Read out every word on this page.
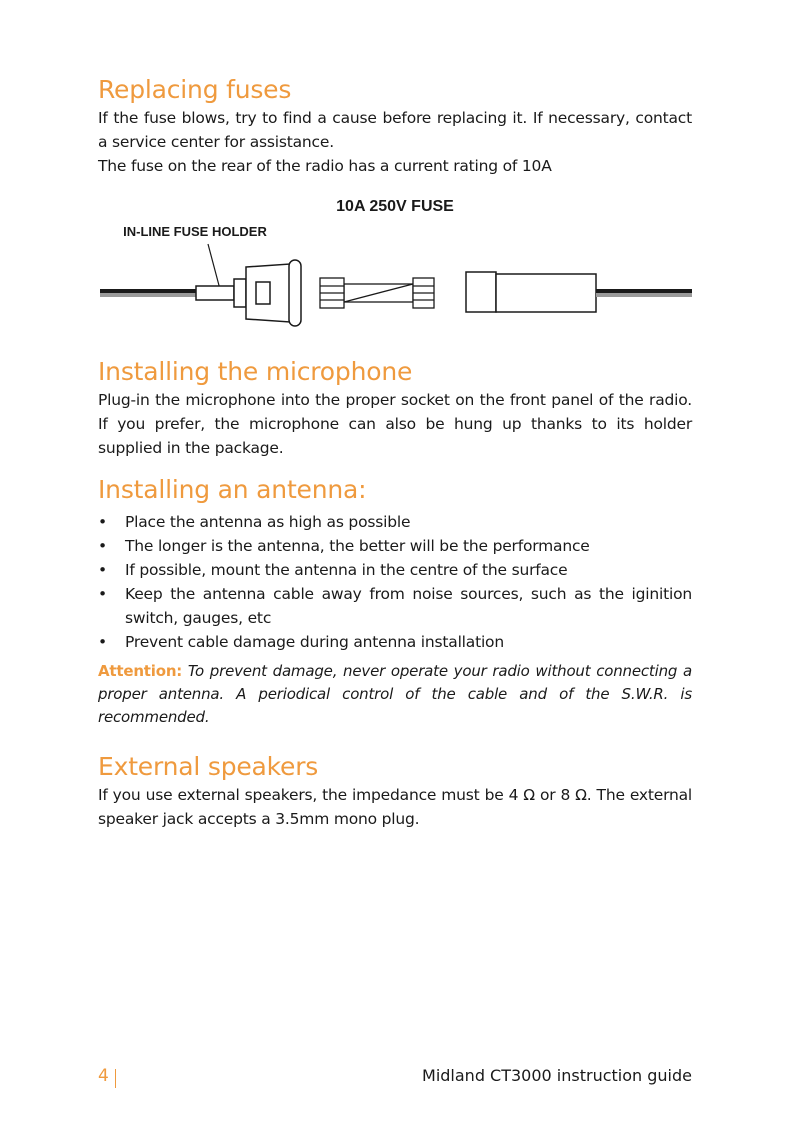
Replacing fuses

If the fuse blows, try to find a cause before replacing it. If necessary, contact a service center for assistance.

The fuse on the rear of the radio has a current rating of 10A

10A 250V FUSE
IN-LINE FUSE HOLDER
Installing the microphone

Plug-in the microphone into the proper socket on the front panel of the radio. If you prefer, the microphone can also be hung up thanks to its holder supplied in the package.

Installing an antenna:
• Place the antenna as high as possible
• The longer is the antenna, the better will be the performance
• If possible, mount the antenna in the centre of the surface
• Keep the antenna cable away from noise sources, such as the iginition switch, gauges, etc
• Prevent cable damage during antenna installation

Attention: To prevent damage, never operate your radio without connecting a proper antenna. A periodical control of the cable and of the S.W.R. is recommended.

External speakers

If you use external speakers, the impedance must be 4 Ω or 8 Ω. The external speaker jack accepts a 3.5mm mono plug.

4	Midland CT3000 instruction guide
